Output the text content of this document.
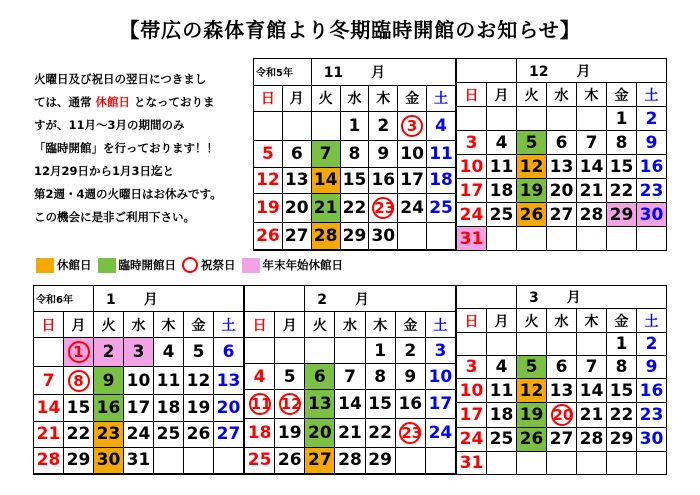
【帯広の森体育館より冬期臨時開館のお知らせ】
火曜日及び祝日の翌日につきまし
ては、通常 休館日 となっておりま
すが、11月～3月の期間のみ
「臨時開館」を行っております！！
12月29日から1月3日迄と
第2週・4週の火曜日はお休みです。
この機会に是非ご利用下さい。
休館日 臨時開館日 祝祭日 年末年始休館日
令和5年		11　　月				
日	月	火	水	木	金	土
			1	2	3	4
5	6	7	8	9	10	11
12	13	14	15	16	17	18
19	20	21	22	23	24	25
26	27	28	29	30		

		12　　月				
日	月	火	水	木	金	土
					1	2
3	4	5	6	7	8	9
10	11	12	13	14	15	16
17	18	19	20	21	22	23
24	25	26	27	28	29	30
31						
令和6年		1　　月				
日	月	火	水	木	金	土
	1	2	3	4	5	6
7	8	9	10	11	12	13
14	15	16	17	18	19	20
21	22	23	24	25	26	27
28	29	30	31			

		2　　月				
日	月	火	水	木	金	土
				1	2	3
4	5	6	7	8	9	10
11	12	13	14	15	16	17
18	19	20	21	22	23	24
25	26	27	28	29		

		3　　月				
日	月	火	水	木	金	土
					1	2
3	4	5	6	7	8	9
10	11	12	13	14	15	16
17	18	19	20	21	22	23
24	25	26	27	28	29	30
31						
